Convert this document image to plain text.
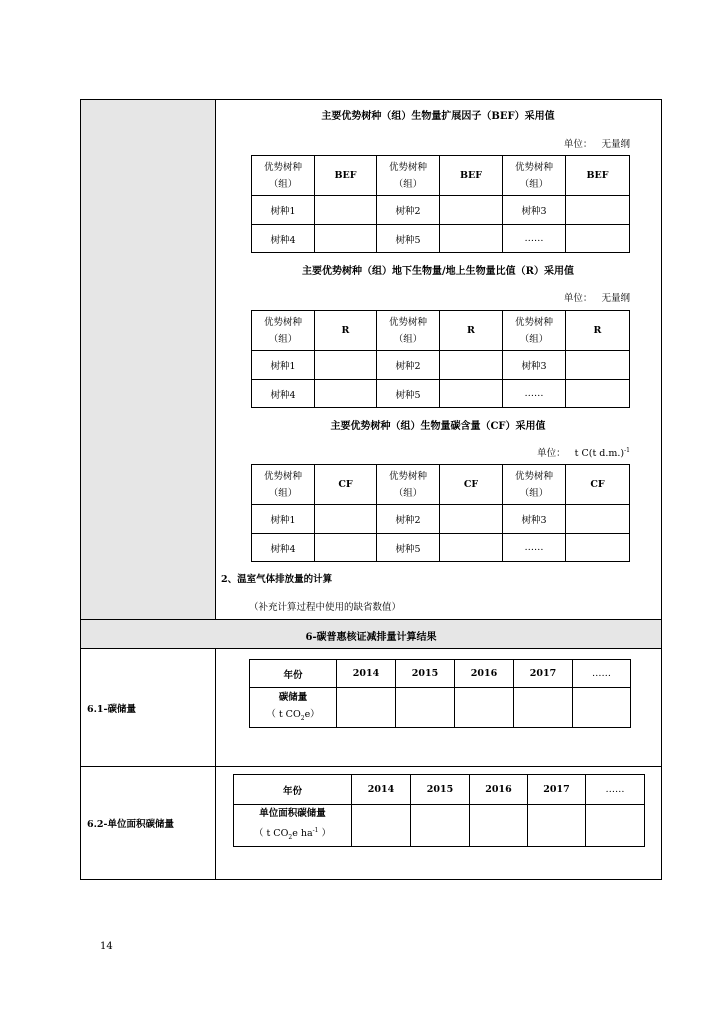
主要优势树种（组）生物量扩展因子（BEF）采用值
单位： 无量纲
优势树种
（组）	BEF	优势树种
（组）	BEF	优势树种
（组）	BEF
树种1		树种2		树种3	
树种4		树种5		……	
主要优势树种（组）地下生物量/地上生物量比值（R）采用值
单位： 无量纲
优势树种
（组）	R	优势树种
（组）	R	优势树种
（组）	R
树种1		树种2		树种3	
树种4		树种5		……	
主要优势树种（组）生物量碳含量（CF）采用值
单位： t C(t d.m.)$^{-1}$
优势树种
（组）	CF	优势树种
（组）	CF	优势树种
（组）	CF
树种1		树种2		树种3	
树种4		树种5		……	
2、温室气体排放量的计算
（补充计算过程中使用的缺省数值）
6-碳普惠核证减排量计算结果
6.1-碳储量
年份	2014	2015	2016	2017	……
碳储量
（ t $CO_2e$）					
6.2-单位面积碳储量
年份	2014	2015	2016	2017	……
单位面积碳储量
（ t $CO_2e$ $ha^{-1}$ ）					
14
